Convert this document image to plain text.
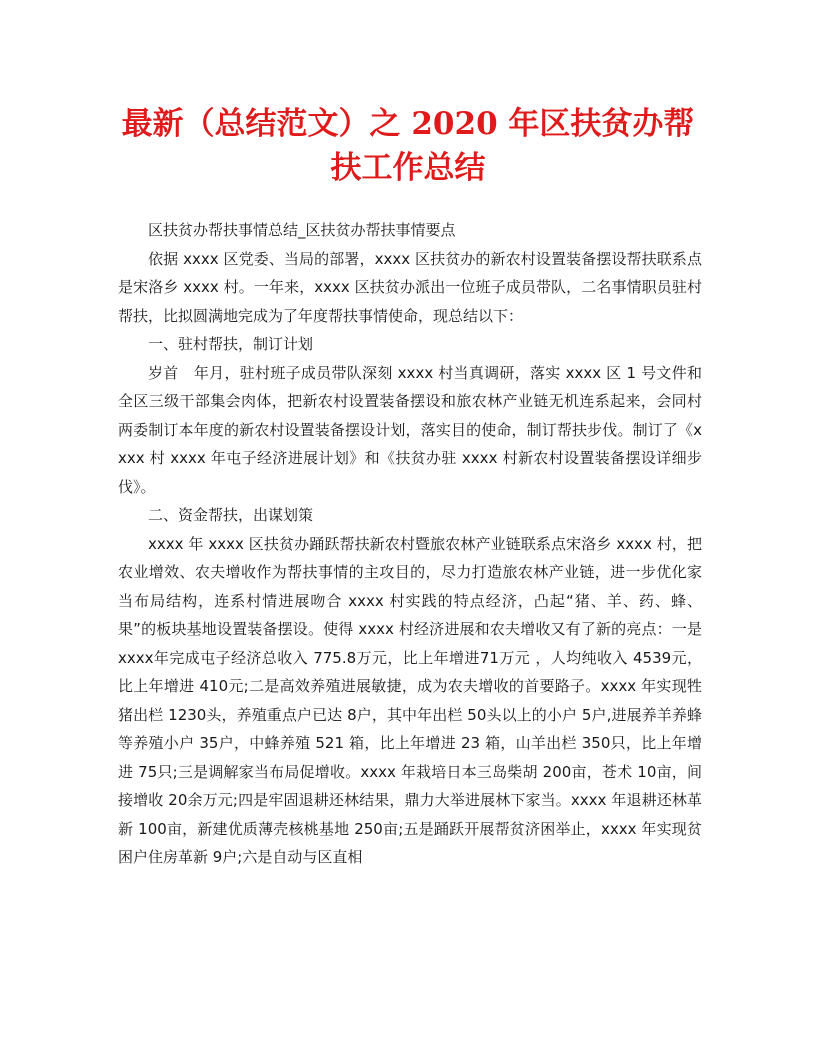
最新（总结范文）之 2020 年区扶贫办帮
扶工作总结

区扶贫办帮扶事情总结_区扶贫办帮扶事情要点

依据 xxxx 区党委、当局的部署，xxxx 区扶贫办的新农村设置装备摆设帮扶联系点是宋洛乡 xxxx 村。一年来，xxxx 区扶贫办派出一位班子成员带队，二名事情职员驻村帮扶，比拟圆满地完成为了年度帮扶事情使命，现总结以下：

一、驻村帮扶，制订计划

岁首　年月，驻村班子成员带队深刻 xxxx 村当真调研，落实 xxxx 区 1 号文件和全区三级干部集会肉体，把新农村设置装备摆设和旅农林产业链无机连系起来，会同村两委制订本年度的新农村设置装备摆设计划，落实目的使命，制订帮扶步伐。制订了《xxxx 村 xxxx 年屯子经济进展计划》和《扶贫办驻 xxxx 村新农村设置装备摆设详细步伐》。

二、资金帮扶，出谋划策

xxxx 年 xxxx 区扶贫办踊跃帮扶新农村暨旅农林产业链联系点宋洛乡 xxxx 村，把农业增效、农夫增收作为帮扶事情的主攻目的，尽力打造旅农林产业链，进一步优化家当布局结构，连系村情进展吻合 xxxx 村实践的特点经济，凸起“猪、羊、药、蜂、果”的板块基地设置装备摆设。使得 xxxx 村经济进展和农夫增收又有了新的亮点：一是 xxxx年完成屯子经济总收入 775.8万元，比上年增进71万元 ，人均纯收入 4539元，比上年增进 410元;二是高效养殖进展敏捷，成为农夫增收的首要路子。xxxx 年实现牲猪出栏 1230头，养殖重点户已达 8户，其中年出栏 50头以上的小户 5户,进展养羊养蜂等养殖小户 35户，中蜂养殖 521 箱，比上年增进 23 箱，山羊出栏 350只，比上年增进 75只;三是调解家当布局促增收。xxxx 年栽培日本三岛柴胡 200亩，苍术 10亩，间接增收 20余万元;四是牢固退耕还林结果，鼎力大举进展林下家当。xxxx 年退耕还林革新 100亩，新建优质薄壳核桃基地 250亩;五是踊跃开展帮贫济困举止，xxxx 年实现贫困户住房革新 9户;六是自动与区直相
